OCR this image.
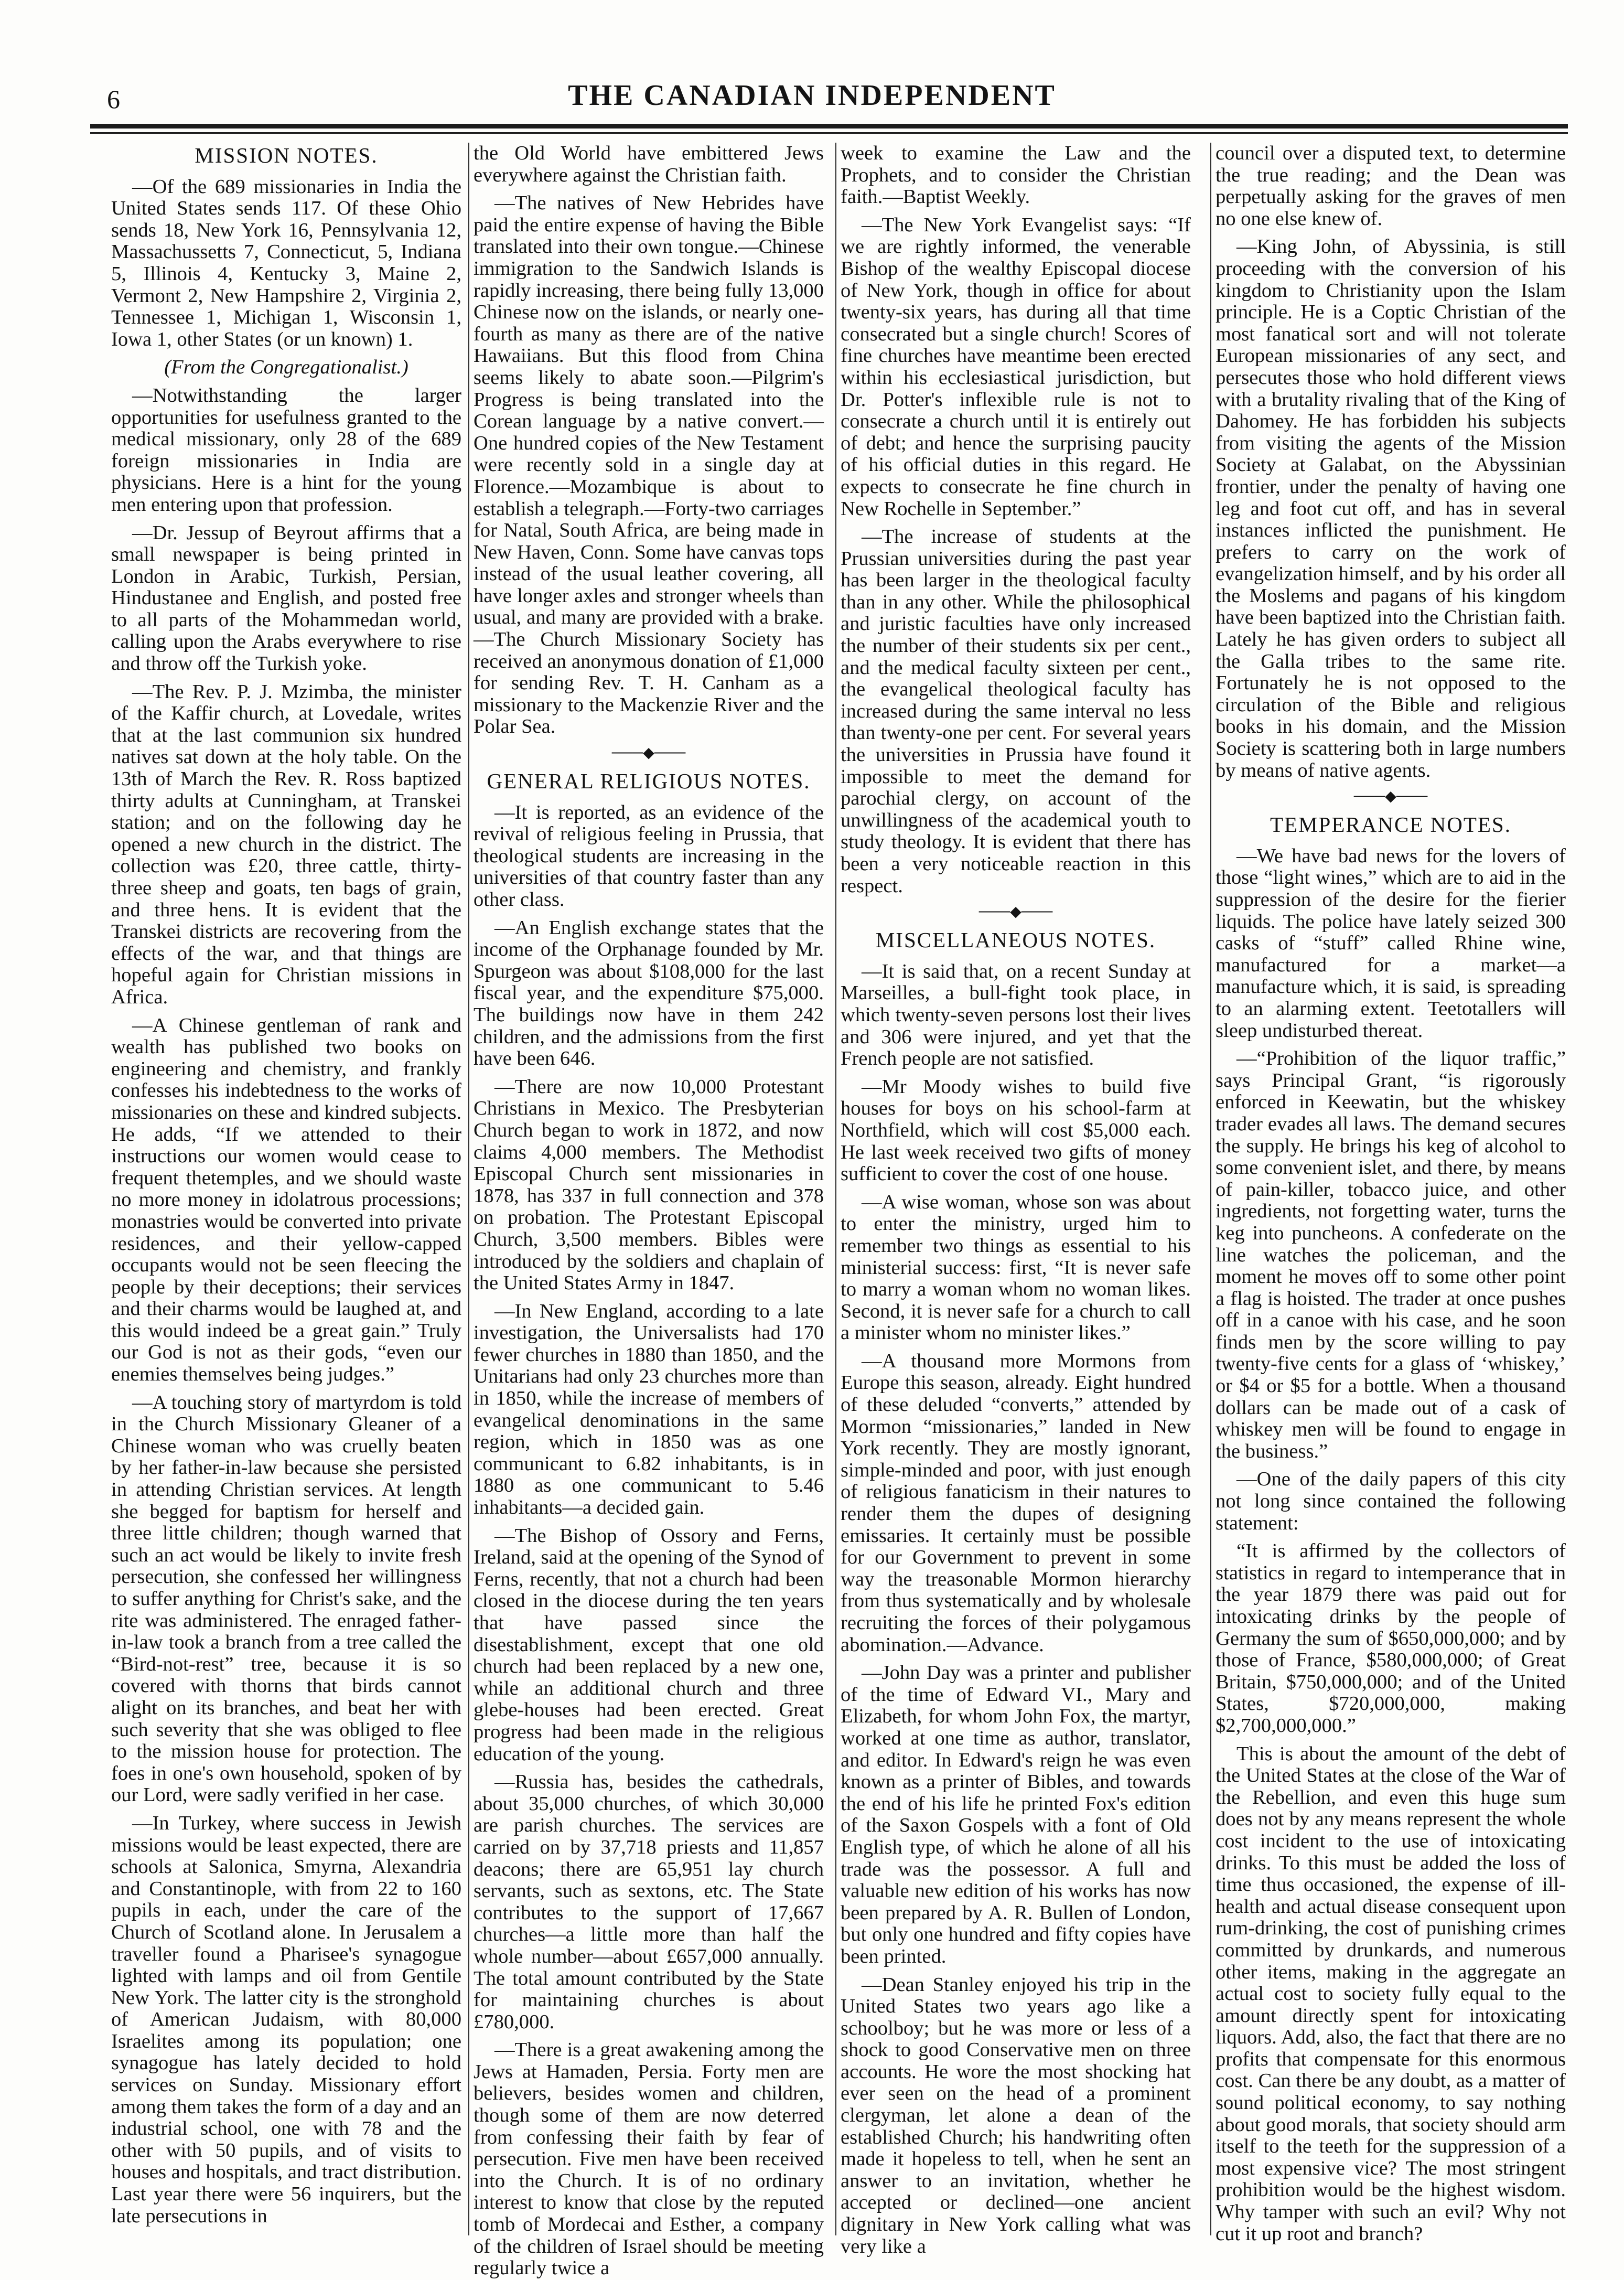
6	THE CANADIAN INDEPENDENT
MISSION NOTES.

—Of the 689 missionaries in India the United States sends 117. Of these Ohio sends 18, New York 16, Pennsylvania 12, Massachussetts 7, Connecticut, 5, Indiana 5, Illinois 4, Kentucky 3, Maine 2, Vermont 2, New Hampshire 2, Virginia 2, Tennessee 1, Michigan 1, Wisconsin 1, Iowa 1, other States (or un known) 1.

(From the Congregationalist.)

—Notwithstanding the larger opportunities for usefulness granted to the medical missionary, only 28 of the 689 foreign missionaries in India are physicians. Here is a hint for the young men entering upon that profession.

—Dr. Jessup of Beyrout affirms that a small newspaper is being printed in London in Arabic, Turkish, Persian, Hindustanee and English, and posted free to all parts of the Mohammedan world, calling upon the Arabs everywhere to rise and throw off the Turkish yoke.

—The Rev. P. J. Mzimba, the minister of the Kaffir church, at Lovedale, writes that at the last communion six hundred natives sat down at the holy table. On the 13th of March the Rev. R. Ross baptized thirty adults at Cunningham, at Transkei station; and on the following day he opened a new church in the district. The collection was £20, three cattle, thirty-three sheep and goats, ten bags of grain, and three hens. It is evident that the Transkei districts are recovering from the effects of the war, and that things are hopeful again for Christian missions in Africa.

—A Chinese gentleman of rank and wealth has published two books on engineering and chemistry, and frankly confesses his indebtedness to the works of missionaries on these and kindred subjects. He adds, “If we attended to their instructions our women would cease to frequent thetemples, and we should waste no more money in idolatrous processions; monastries would be converted into private residences, and their yellow-capped occupants would not be seen fleecing the people by their deceptions; their services and their charms would be laughed at, and this would indeed be a great gain.” Truly our God is not as their gods, “even our enemies themselves being judges.”

—A touching story of martyrdom is told in the Church Missionary Gleaner of a Chinese woman who was cruelly beaten by her father-in-law because she persisted in attending Christian services. At length she begged for baptism for herself and three little children; though warned that such an act would be likely to invite fresh persecution, she confessed her willingness to suffer anything for Christ's sake, and the rite was administered. The enraged father-in-law took a branch from a tree called the “Bird-not-rest” tree, because it is so covered with thorns that birds cannot alight on its branches, and beat her with such severity that she was obliged to flee to the mission house for protection. The foes in one's own household, spoken of by our Lord, were sadly verified in her case.

—In Turkey, where success in Jewish missions would be least expected, there are schools at Salonica, Smyrna, Alexandria and Constantinople, with from 22 to 160 pupils in each, under the care of the Church of Scotland alone. In Jerusalem a traveller found a Pharisee's synagogue lighted with lamps and oil from Gentile New York. The latter city is the stronghold of American Judaism, with 80,000 Israelites among its population; one synagogue has lately decided to hold services on Sunday. Missionary effort among them takes the form of a day and an industrial school, one with 78 and the other with 50 pupils, and of visits to houses and hospitals, and tract distribution. Last year there were 56 inquirers, but the late persecutions in

the Old World have embittered Jews everywhere against the Christian faith.

—The natives of New Hebrides have paid the entire expense of having the Bible translated into their own tongue.—Chinese immigration to the Sandwich Islands is rapidly increasing, there being fully 13,000 Chinese now on the islands, or nearly one-fourth as many as there are of the native Hawaiians. But this flood from China seems likely to abate soon.—Pilgrim's Progress is being translated into the Corean language by a native convert.—One hundred copies of the New Testament were recently sold in a single day at Florence.—Mozambique is about to establish a telegraph.—Forty-two carriages for Natal, South Africa, are being made in New Haven, Conn. Some have canvas tops instead of the usual leather covering, all have longer axles and stronger wheels than usual, and many are provided with a brake.—The Church Missionary Society has received an anonymous donation of £1,000 for sending Rev. T. H. Canham as a missionary to the Mackenzie River and the Polar Sea.

───◆───
GENERAL RELIGIOUS NOTES.

—It is reported, as an evidence of the revival of religious feeling in Prussia, that theological students are increasing in the universities of that country faster than any other class.

—An English exchange states that the income of the Orphanage founded by Mr. Spurgeon was about $108,000 for the last fiscal year, and the expenditure $75,000. The buildings now have in them 242 children, and the admissions from the first have been 646.

—There are now 10,000 Protestant Christians in Mexico. The Presbyterian Church began to work in 1872, and now claims 4,000 members. The Methodist Episcopal Church sent missionaries in 1878, has 337 in full connection and 378 on probation. The Protestant Episcopal Church, 3,500 members. Bibles were introduced by the soldiers and chaplain of the United States Army in 1847.

—In New England, according to a late investigation, the Universalists had 170 fewer churches in 1880 than 1850, and the Unitarians had only 23 churches more than in 1850, while the increase of members of evangelical denominations in the same region, which in 1850 was as one communicant to 6.82 inhabitants, is in 1880 as one communicant to 5.46 inhabitants—a decided gain.

—The Bishop of Ossory and Ferns, Ireland, said at the opening of the Synod of Ferns, recently, that not a church had been closed in the diocese during the ten years that have passed since the disestablishment, except that one old church had been replaced by a new one, while an additional church and three glebe-houses had been erected. Great progress had been made in the religious education of the young.

—Russia has, besides the cathedrals, about 35,000 churches, of which 30,000 are parish churches. The services are carried on by 37,718 priests and 11,857 deacons; there are 65,951 lay church servants, such as sextons, etc. The State contributes to the support of 17,667 churches—a little more than half the whole number—about £657,000 annually. The total amount contributed by the State for maintaining churches is about £780,000.

—There is a great awakening among the Jews at Hamaden, Persia. Forty men are believers, besides women and children, though some of them are now deterred from confessing their faith by fear of persecution. Five men have been received into the Church. It is of no ordinary interest to know that close by the reputed tomb of Mordecai and Esther, a company of the children of Israel should be meeting regularly twice a

week to examine the Law and the Prophets, and to consider the Christian faith.—Baptist Weekly.

—The New York Evangelist says: “If we are rightly informed, the venerable Bishop of the wealthy Episcopal diocese of New York, though in office for about twenty-six years, has during all that time consecrated but a single church! Scores of fine churches have meantime been erected within his ecclesiastical jurisdiction, but Dr. Potter's inflexible rule is not to consecrate a church until it is entirely out of debt; and hence the surprising paucity of his official duties in this regard. He expects to consecrate he fine church in New Rochelle in September.”

—The increase of students at the Prussian universities during the past year has been larger in the theological faculty than in any other. While the philosophical and juristic faculties have only increased the number of their students six per cent., and the medical faculty sixteen per cent., the evangelical theological faculty has increased during the same interval no less than twenty-one per cent. For several years the universities in Prussia have found it impossible to meet the demand for parochial clergy, on account of the unwillingness of the academical youth to study theology. It is evident that there has been a very noticeable reaction in this respect.

───◆───
MISCELLANEOUS NOTES.

—It is said that, on a recent Sunday at Marseilles, a bull-fight took place, in which twenty-seven persons lost their lives and 306 were injured, and yet that the French people are not satisfied.

—Mr Moody wishes to build five houses for boys on his school-farm at Northfield, which will cost $5,000 each. He last week received two gifts of money sufficient to cover the cost of one house.

—A wise woman, whose son was about to enter the ministry, urged him to remember two things as essential to his ministerial success: first, “It is never safe to marry a woman whom no woman likes. Second, it is never safe for a church to call a minister whom no minister likes.”

—A thousand more Mormons from Europe this season, already. Eight hundred of these deluded “converts,” attended by Mormon “missionaries,” landed in New York recently. They are mostly ignorant, simple-minded and poor, with just enough of religious fanaticism in their natures to render them the dupes of designing emissaries. It certainly must be possible for our Government to prevent in some way the treasonable Mormon hierarchy from thus systematically and by wholesale recruiting the forces of their polygamous abomination.—Advance.

—John Day was a printer and publisher of the time of Edward VI., Mary and Elizabeth, for whom John Fox, the martyr, worked at one time as author, translator, and editor. In Edward's reign he was even known as a printer of Bibles, and towards the end of his life he printed Fox's edition of the Saxon Gospels with a font of Old English type, of which he alone of all his trade was the possessor. A full and valuable new edition of his works has now been prepared by A. R. Bullen of London, but only one hundred and fifty copies have been printed.

—Dean Stanley enjoyed his trip in the United States two years ago like a schoolboy; but he was more or less of a shock to good Conservative men on three accounts. He wore the most shocking hat ever seen on the head of a prominent clergyman, let alone a dean of the established Church; his handwriting often made it hopeless to tell, when he sent an answer to an invitation, whether he accepted or declined—one ancient dignitary in New York calling what was very like a

council over a disputed text, to determine the true reading; and the Dean was perpetually asking for the graves of men no one else knew of.

—King John, of Abyssinia, is still proceeding with the conversion of his kingdom to Christianity upon the Islam principle. He is a Coptic Christian of the most fanatical sort and will not tolerate European missionaries of any sect, and persecutes those who hold different views with a brutality rivaling that of the King of Dahomey. He has forbidden his subjects from visiting the agents of the Mission Society at Galabat, on the Abyssinian frontier, under the penalty of having one leg and foot cut off, and has in several instances inflicted the punishment. He prefers to carry on the work of evangelization himself, and by his order all the Moslems and pagans of his kingdom have been baptized into the Christian faith. Lately he has given orders to subject all the Galla tribes to the same rite. Fortunately he is not opposed to the circulation of the Bible and religious books in his domain, and the Mission Society is scattering both in large numbers by means of native agents.

───◆───
TEMPERANCE NOTES.

—We have bad news for the lovers of those “light wines,” which are to aid in the suppression of the desire for the fierier liquids. The police have lately seized 300 casks of “stuff” called Rhine wine, manufactured for a market—a manufacture which, it is said, is spreading to an alarming extent. Teetotallers will sleep undisturbed thereat.

—“Prohibition of the liquor traffic,” says Principal Grant, “is rigorously enforced in Keewatin, but the whiskey trader evades all laws. The demand secures the supply. He brings his keg of alcohol to some convenient islet, and there, by means of pain-killer, tobacco juice, and other ingredients, not forgetting water, turns the keg into puncheons. A confederate on the line watches the policeman, and the moment he moves off to some other point a flag is hoisted. The trader at once pushes off in a canoe with his case, and he soon finds men by the score willing to pay twenty-five cents for a glass of ‘whiskey,’ or $4 or $5 for a bottle. When a thousand dollars can be made out of a cask of whiskey men will be found to engage in the business.”

—One of the daily papers of this city not long since contained the following statement:

“It is affirmed by the collectors of statistics in regard to intemperance that in the year 1879 there was paid out for intoxicating drinks by the people of Germany the sum of $650,000,000; and by those of France, $580,000,000; of Great Britain, $750,000,000; and of the United States, $720,000,000, making $2,700,000,000.”

This is about the amount of the debt of the United States at the close of the War of the Rebellion, and even this huge sum does not by any means represent the whole cost incident to the use of intoxicating drinks. To this must be added the loss of time thus occasioned, the expense of ill-health and actual disease consequent upon rum-drinking, the cost of punishing crimes committed by drunkards, and numerous other items, making in the aggregate an actual cost to society fully equal to the amount directly spent for intoxicating liquors. Add, also, the fact that there are no profits that compensate for this enormous cost. Can there be any doubt, as a matter of sound political economy, to say nothing about good morals, that society should arm itself to the teeth for the suppression of a most expensive vice? The most stringent prohibition would be the highest wisdom. Why tamper with such an evil? Why not cut it up root and branch?
